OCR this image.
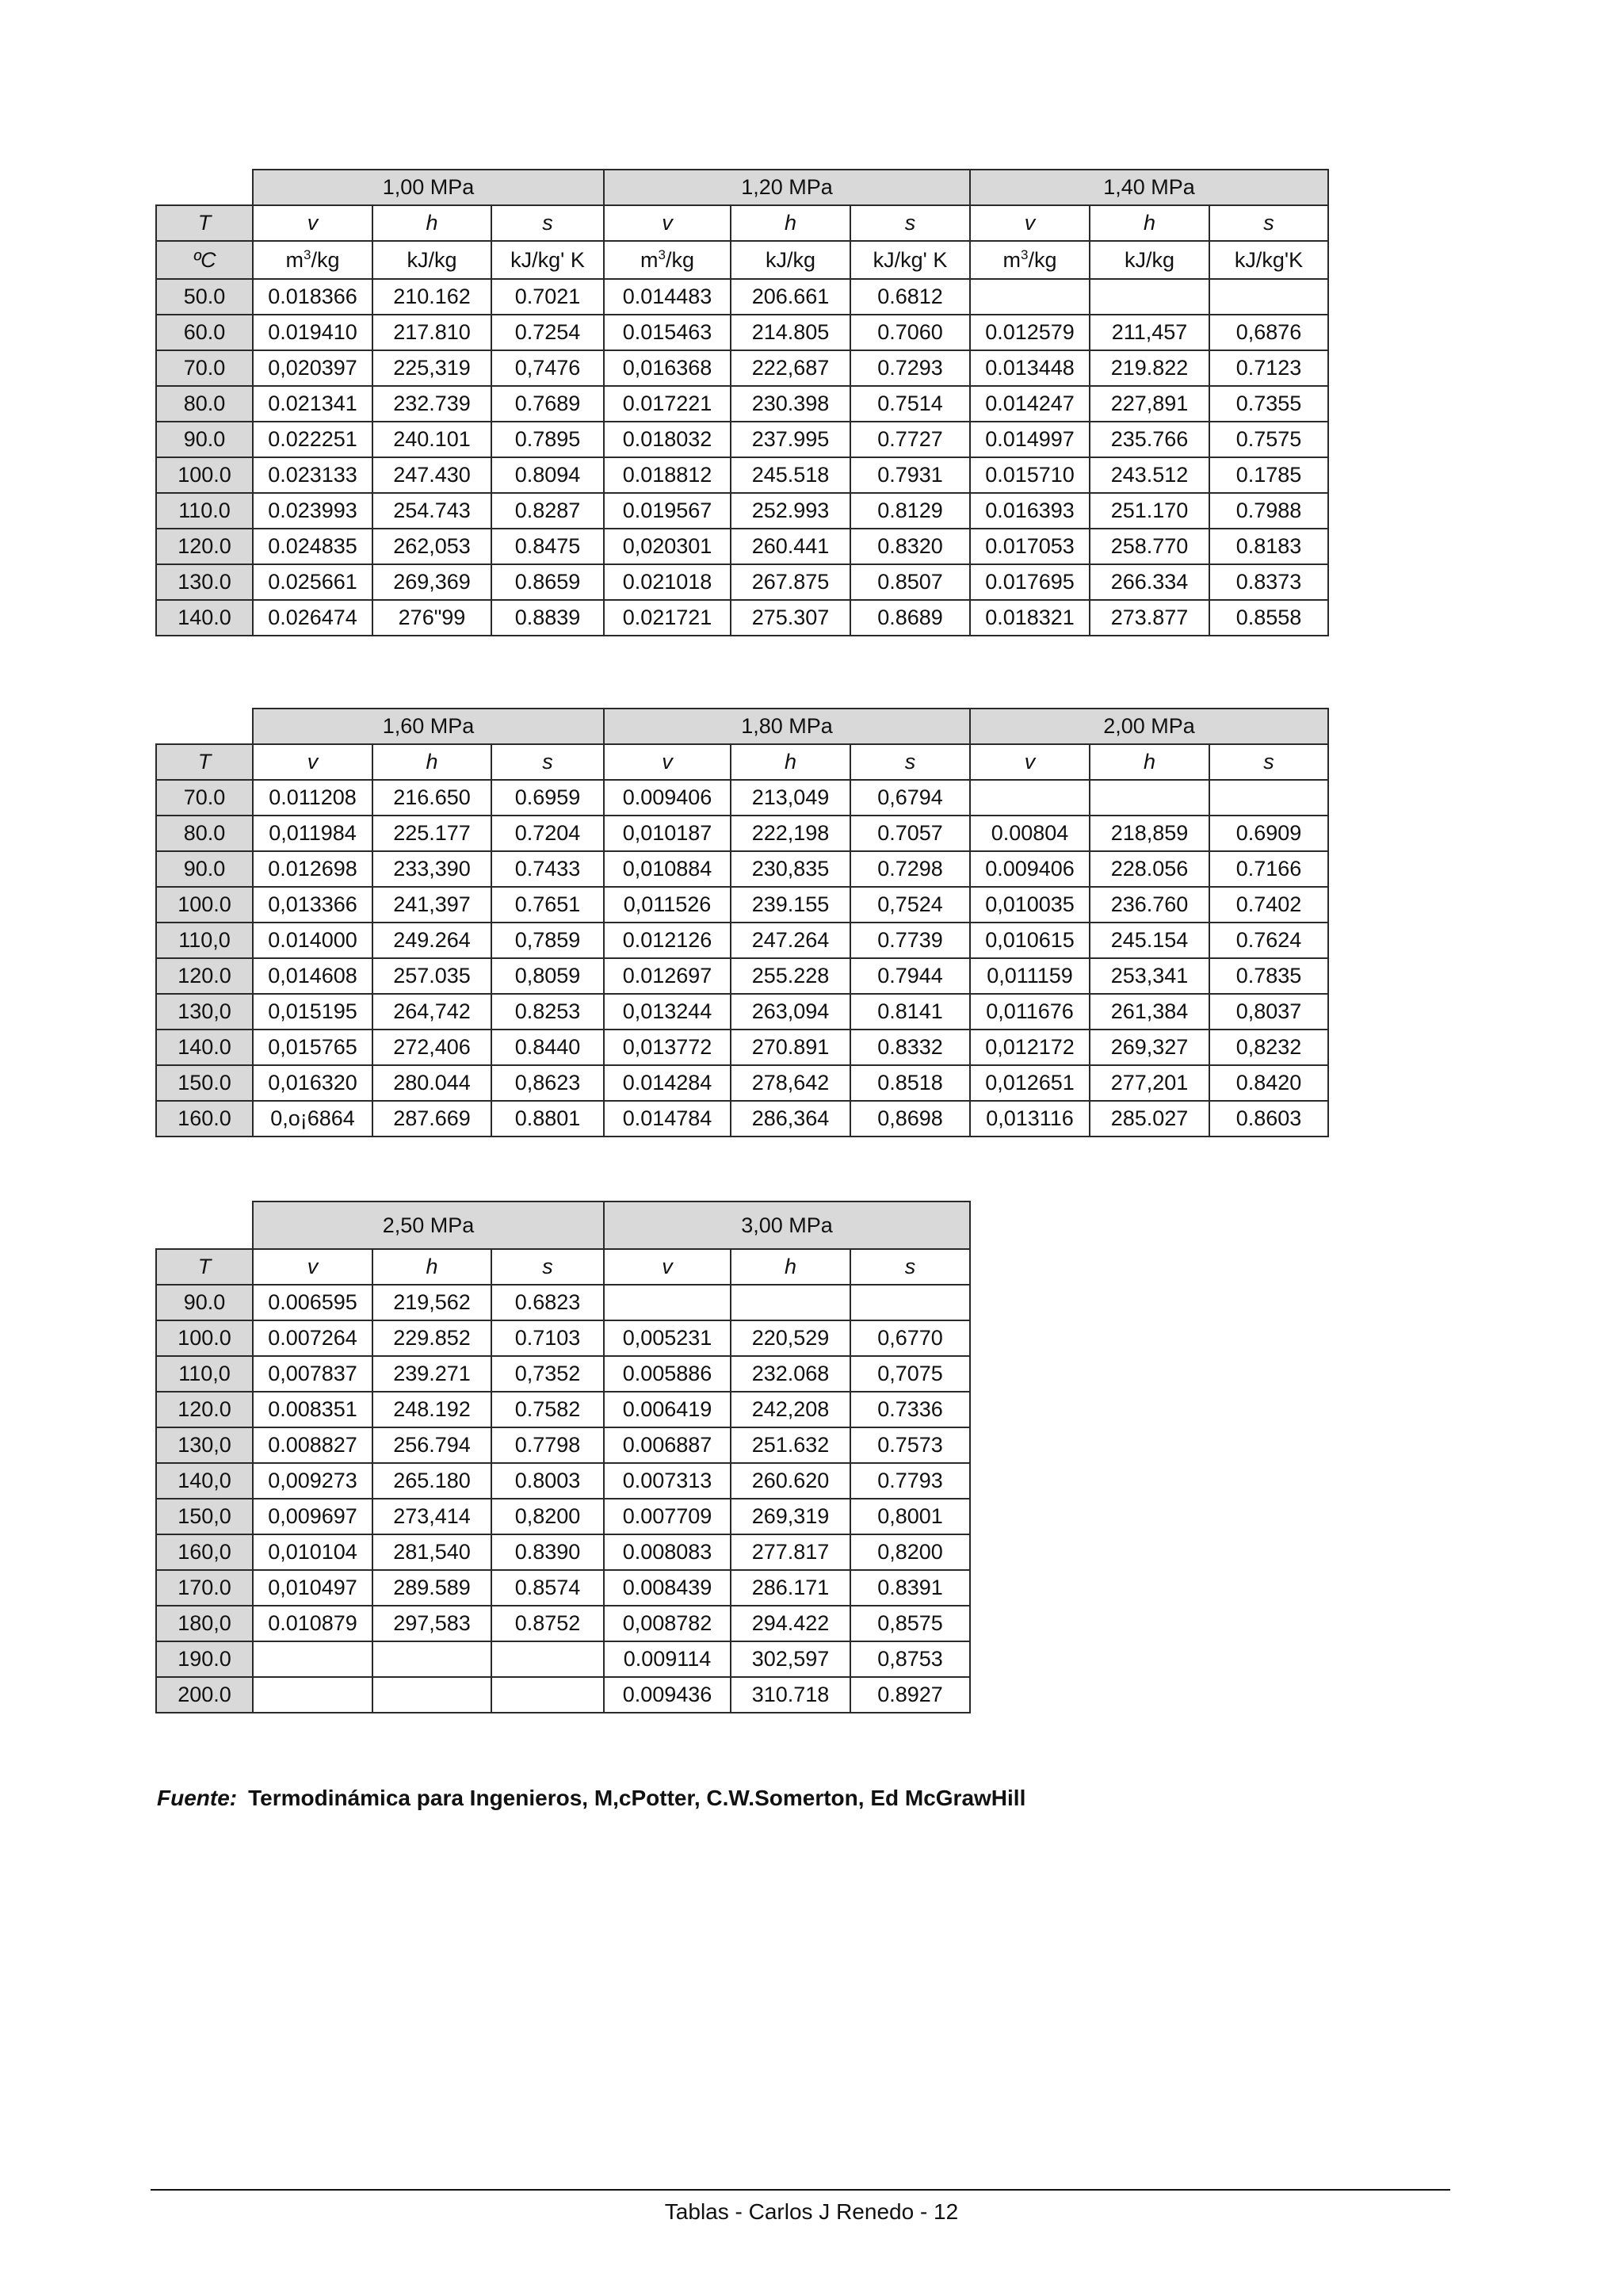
	1,00 MPa			1,20 MPa			1,40 MPa		
T	v	h	s	v	h	s	v	h	s
ºC	$m^3/kg$	kJ/kg	kJ/kg' K	$m^3/kg$	kJ/kg	kJ/kg' K	$m^3/kg$	kJ/kg	kJ/kg'K
50.0	0.018366	210.162	0.7021	0.014483	206.661	0.6812			
60.0	0.019410	217.810	0.7254	0.015463	214.805	0.7060	0.012579	211,457	0,6876
70.0	0,020397	225,319	0,7476	0,016368	222,687	0.7293	0.013448	219.822	0.7123
80.0	0.021341	232.739	0.7689	0.017221	230.398	0.7514	0.014247	227,891	0.7355
90.0	0.022251	240.101	0.7895	0.018032	237.995	0.7727	0.014997	235.766	0.7575
100.0	0.023133	247.430	0.8094	0.018812	245.518	0.7931	0.015710	243.512	0.1785
110.0	0.023993	254.743	0.8287	0.019567	252.993	0.8129	0.016393	251.170	0.7988
120.0	0.024835	262,053	0.8475	0,020301	260.441	0.8320	0.017053	258.770	0.8183
130.0	0.025661	269,369	0.8659	0.021018	267.875	0.8507	0.017695	266.334	0.8373
140.0	0.026474	276"99	0.8839	0.021721	275.307	0.8689	0.018321	273.877	0.8558
	1,60 MPa			1,80 MPa			2,00 MPa		
T	v	h	s	v	h	s	v	h	s
70.0	0.011208	216.650	0.6959	0.009406	213,049	0,6794			
80.0	0,011984	225.177	0.7204	0,010187	222,198	0.7057	0.00804	218,859	0.6909
90.0	0.012698	233,390	0.7433	0,010884	230,835	0.7298	0.009406	228.056	0.7166
100.0	0,013366	241,397	0.7651	0,011526	239.155	0,7524	0,010035	236.760	0.7402
110,0	0.014000	249.264	0,7859	0.012126	247.264	0.7739	0,010615	245.154	0.7624
120.0	0,014608	257.035	0,8059	0.012697	255.228	0.7944	0,011159	253,341	0.7835
130,0	0,015195	264,742	0.8253	0,013244	263,094	0.8141	0,011676	261,384	0,8037
140.0	0,015765	272,406	0.8440	0,013772	270.891	0.8332	0,012172	269,327	0,8232
150.0	0,016320	280.044	0,8623	0.014284	278,642	0.8518	0,012651	277,201	0.8420
160.0	0,o¡6864	287.669	0.8801	0.014784	286,364	0,8698	0,013116	285.027	0.8603
	2,50 MPa			3,00 MPa		
T	v	h	s	v	h	s
90.0	0.006595	219,562	0.6823			
100.0	0.007264	229.852	0.7103	0,005231	220,529	0,6770
110,0	0,007837	239.271	0,7352	0.005886	232.068	0,7075
120.0	0.008351	248.192	0.7582	0.006419	242,208	0.7336
130,0	0.008827	256.794	0.7798	0.006887	251.632	0.7573
140,0	0,009273	265.180	0.8003	0.007313	260.620	0.7793
150,0	0,009697	273,414	0,8200	0.007709	269,319	0,8001
160,0	0,010104	281,540	0.8390	0.008083	277.817	0,8200
170.0	0,010497	289.589	0.8574	0.008439	286.171	0.8391
180,0	0.010879	297,583	0.8752	0,008782	294.422	0,8575
190.0				0.009114	302,597	0,8753
200.0				0.009436	310.718	0.8927
Fuente: Termodinámica para Ingenieros, M,cPotter, C.W.Somerton, Ed McGrawHill
Tablas - Carlos J Renedo - 12
